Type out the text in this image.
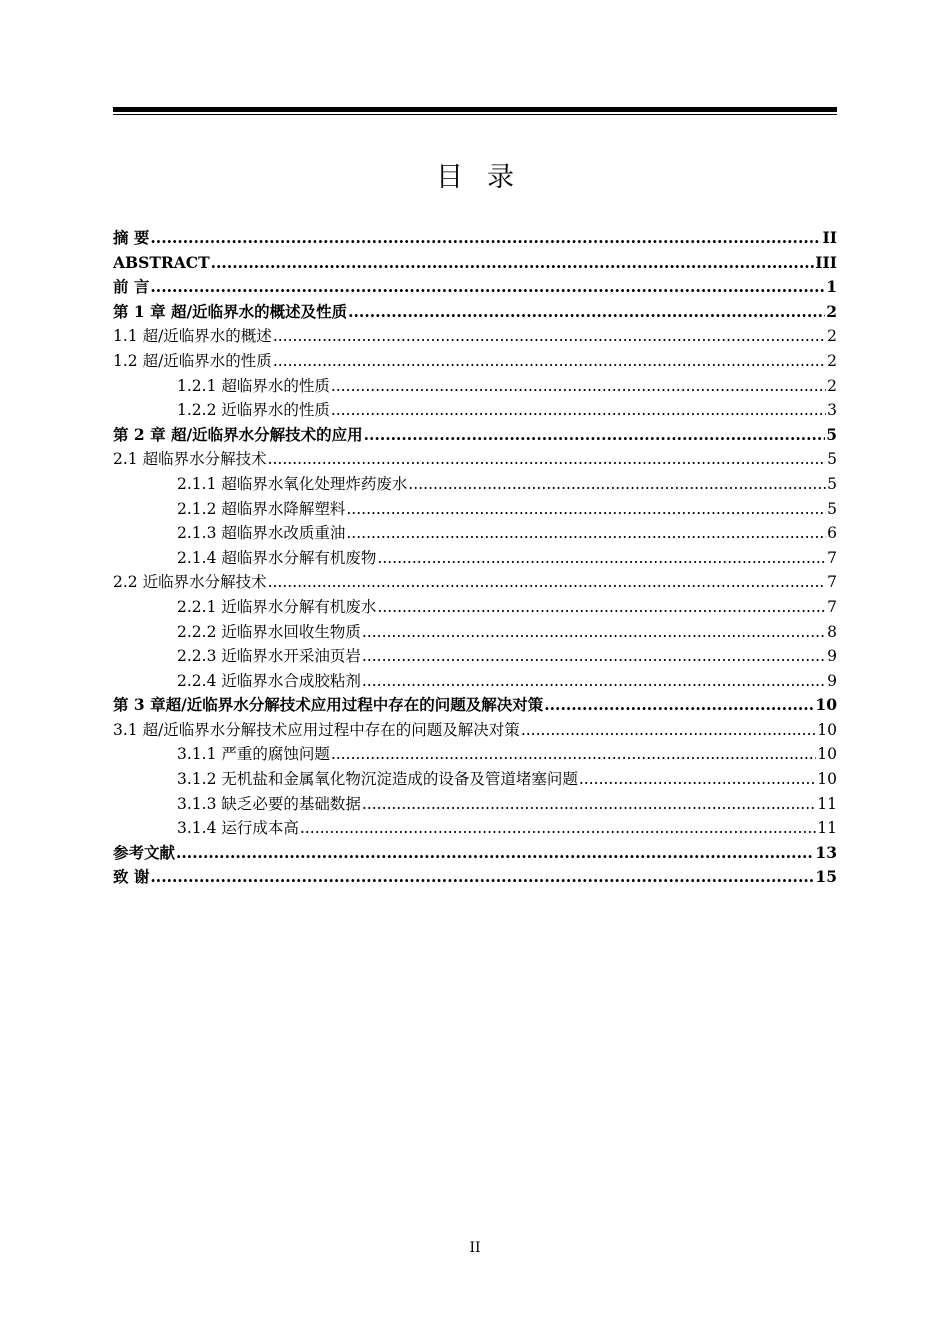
目录
摘 要 .....	II
ABSTRACT .....	III
前 言 .....	1
第 1 章 超/近临界水的概述及性质 .....	2
1.1 超/近临界水的概述 .....	2
1.2 超/近临界水的性质 .....	2
1.2.1 超临界水的性质 .....	2
1.2.2 近临界水的性质 .....	3
第 2 章 超/近临界水分解技术的应用 .....	5
2.1 超临界水分解技术 .....	5
2.1.1 超临界水氧化处理炸药废水 .....	5
2.1.2 超临界水降解塑料 .....	5
2.1.3 超临界水改质重油 .....	6
2.1.4 超临界水分解有机废物 .....	7
2.2 近临界水分解技术 .....	7
2.2.1 近临界水分解有机废水 .....	7
2.2.2 近临界水回收生物质 .....	8
2.2.3 近临界水开采油页岩 .....	9
2.2.4 近临界水合成胶粘剂 .....	9
第 3 章超/近临界水分解技术应用过程中存在的问题及解决对策 .....	10
3.1 超/近临界水分解技术应用过程中存在的问题及解决对策 .....	10
3.1.1 严重的腐蚀问题 .....	10
3.1.2 无机盐和金属氧化物沉淀造成的设备及管道堵塞问题 .....	10
3.1.3 缺乏必要的基础数据 .....	11
3.1.4 运行成本高 .....	11
参考文献 .....	13
致 谢 .....	15
II
